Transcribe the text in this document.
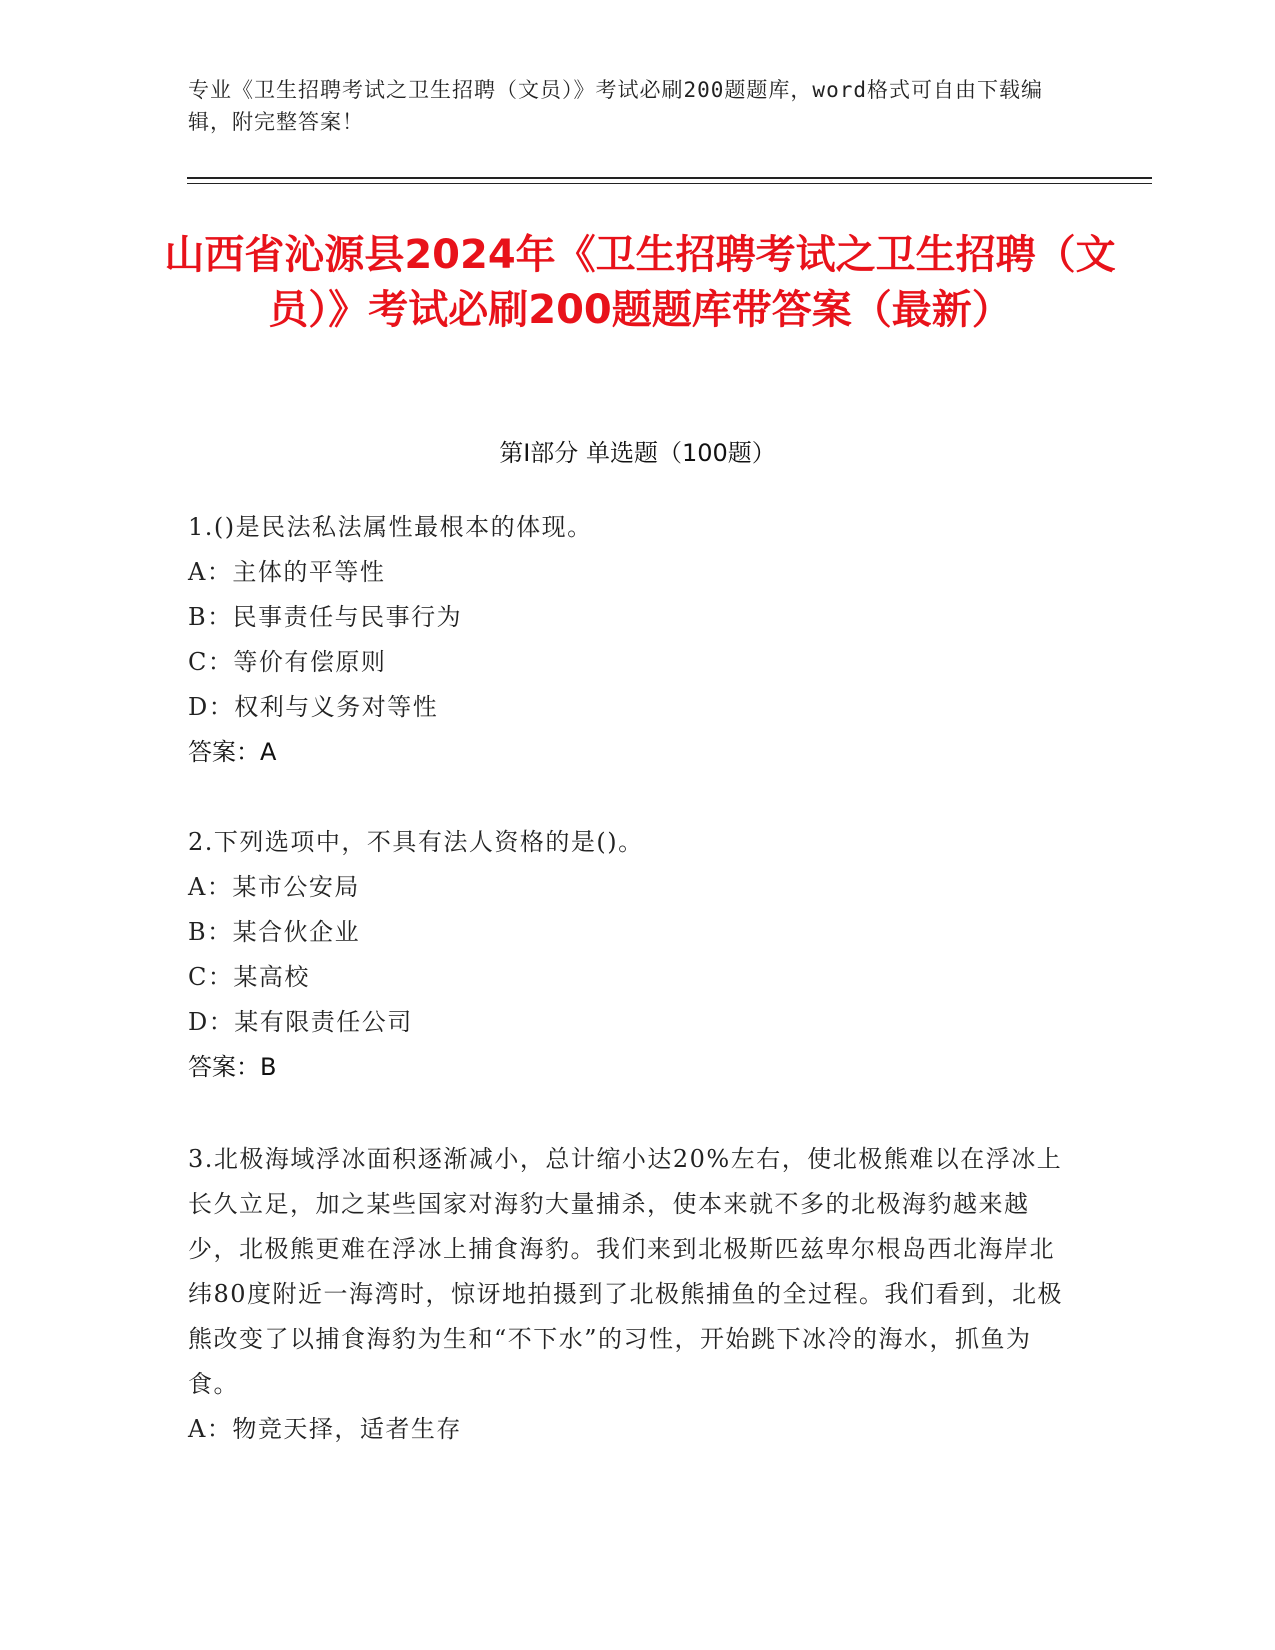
专业《卫生招聘考试之卫生招聘（文员）》考试必刷200题题库，word格式可自由下载编辑，附完整答案！
山西省沁源县2024年《卫生招聘考试之卫生招聘（文员）》考试必刷200题题库带答案（最新）
第Ⅰ部分 单选题（100题）
1.()是民法私法属性最根本的体现。
A：主体的平等性
B：民事责任与民事行为
C：等价有偿原则
D：权利与义务对等性
答案：A
2.下列选项中，不具有法人资格的是()。
A：某市公安局
B：某合伙企业
C：某高校
D：某有限责任公司
答案：B
3.北极海域浮冰面积逐渐减小，总计缩小达20%左右，使北极熊难以在浮冰上长久立足，加之某些国家对海豹大量捕杀，使本来就不多的北极海豹越来越少，北极熊更难在浮冰上捕食海豹。我们来到北极斯匹兹卑尔根岛西北海岸北纬80度附近一海湾时，惊讶地拍摄到了北极熊捕鱼的全过程。我们看到，北极熊改变了以捕食海豹为生和“不下水”的习性，开始跳下冰冷的海水，抓鱼为食。
A：物竞天择，适者生存
